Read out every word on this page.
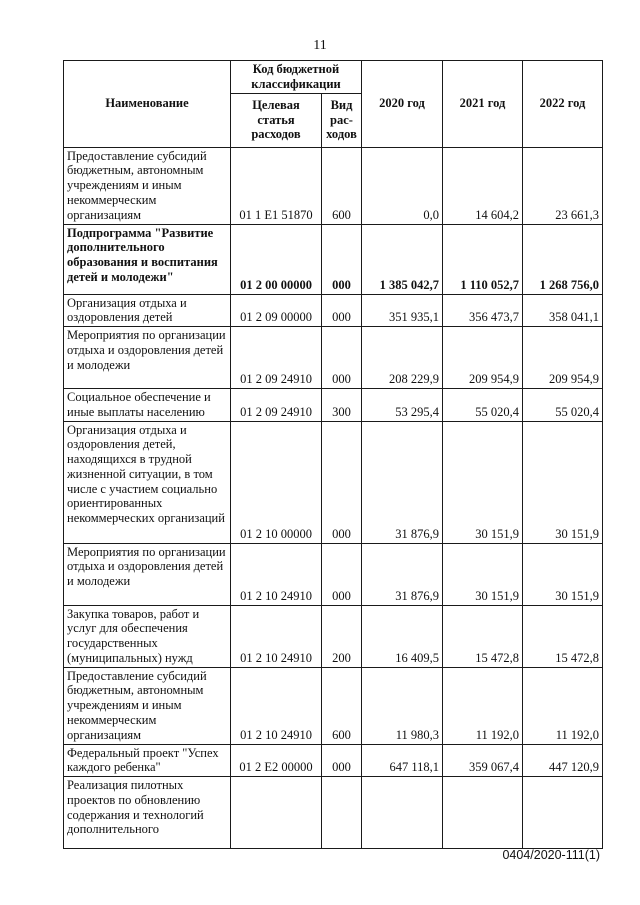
11
Наименование	Код бюджетной классификации		2020 год	2021 год	2022 год
	Целевая статья расходов	Вид рас-ходов			
Предоставление субсидий бюджетным, автономным учреждениям и иным некоммерческим организациям	01 1 E1 51870	600	0,0	14 604,2	23 661,3
Подпрограмма "Развитие дополнительного образования и воспитания детей и молодежи"	01 2 00 00000	000	1 385 042,7	1 110 052,7	1 268 756,0
Организация отдыха и оздоровления детей	01 2 09 00000	000	351 935,1	356 473,7	358 041,1
Мероприятия по организации отдыха и оздоровления детей и молодежи	01 2 09 24910	000	208 229,9	209 954,9	209 954,9
Социальное обеспечение и иные выплаты населению	01 2 09 24910	300	53 295,4	55 020,4	55 020,4
Организация отдыха и оздоровления детей, находящихся в трудной жизненной ситуации, в том числе с участием социально ориентированных некоммерческих организаций	01 2 10 00000	000	31 876,9	30 151,9	30 151,9
Мероприятия по организации отдыха и оздоровления детей и молодежи	01 2 10 24910	000	31 876,9	30 151,9	30 151,9
Закупка товаров, работ и услуг для обеспечения государственных (муниципальных) нужд	01 2 10 24910	200	16 409,5	15 472,8	15 472,8
Предоставление субсидий бюджетным, автономным учреждениям и иным некоммерческим организациям	01 2 10 24910	600	11 980,3	11 192,0	11 192,0
Федеральный проект "Успех каждого ребенка"	01 2 E2 00000	000	647 118,1	359 067,4	447 120,9
Реализация пилотных проектов по обновлению содержания и технологий дополнительного					
0404/2020-111(1)
